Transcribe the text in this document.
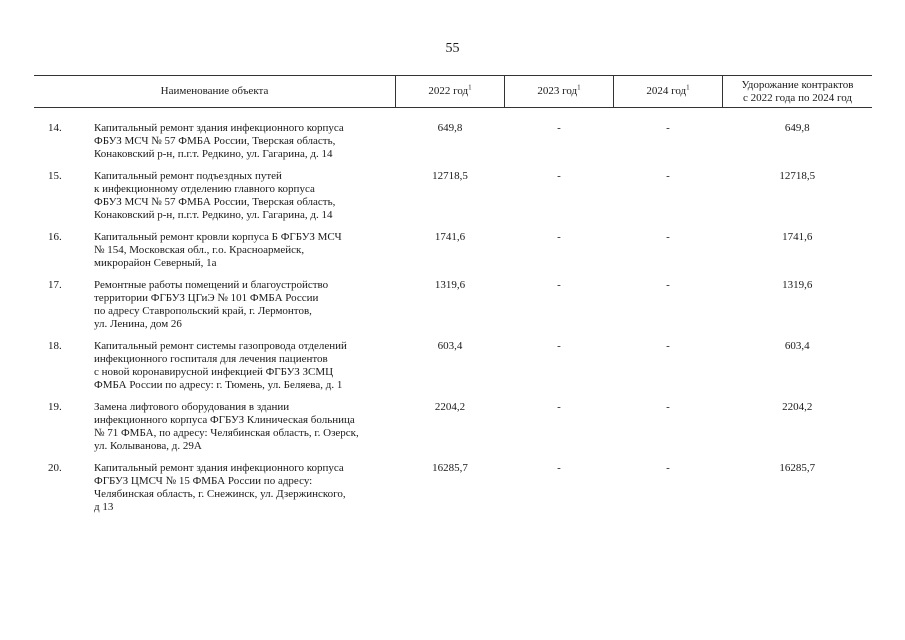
55
Наименование объекта		2022 год$^1$	2023 год$^1$	2024 год$^1$	Удорожание контрактов
с 2022 года по 2024 год

14.	Капитальный ремонт здания инфекционного корпуса
ФБУЗ МСЧ № 57 ФМБА России, Тверская область,
Конаковский р-н, п.г.т. Редкино, ул. Гагарина, д. 14	649,8	-	-	649,8
15.	Капитальный ремонт подъездных путей
к инфекционному отделению главного корпуса
ФБУЗ МСЧ № 57 ФМБА России, Тверская область,
Конаковский р-н, п.г.т. Редкино, ул. Гагарина, д. 14	12718,5	-	-	12718,5
16.	Капитальный ремонт кровли корпуса Б ФГБУЗ МСЧ
№ 154, Московская обл., г.о. Красноармейск,
микрорайон Северный, 1а	1741,6	-	-	1741,6
17.	Ремонтные работы помещений и благоустройство
территории ФГБУЗ ЦГиЭ № 101 ФМБА России
по адресу Ставропольский край, г. Лермонтов,
ул. Ленина, дом 26	1319,6	-	-	1319,6
18.	Капитальный ремонт системы газопровода отделений
инфекционного госпиталя для лечения пациентов
с новой коронавирусной инфекцией ФГБУЗ ЗСМЦ
ФМБА России по адресу: г. Тюмень, ул. Беляева, д. 1	603,4	-	-	603,4
19.	Замена лифтового оборудования в здании
инфекционного корпуса ФГБУЗ Клиническая больница
№ 71 ФМБА, по адресу: Челябинская область, г. Озерск,
ул. Колыванова, д. 29А	2204,2	-	-	2204,2
20.	Капитальный ремонт здания инфекционного корпуса
ФГБУЗ ЦМСЧ № 15 ФМБА России по адресу:
Челябинская область, г. Снежинск, ул. Дзержинского,
д 13	16285,7	-	-	16285,7
